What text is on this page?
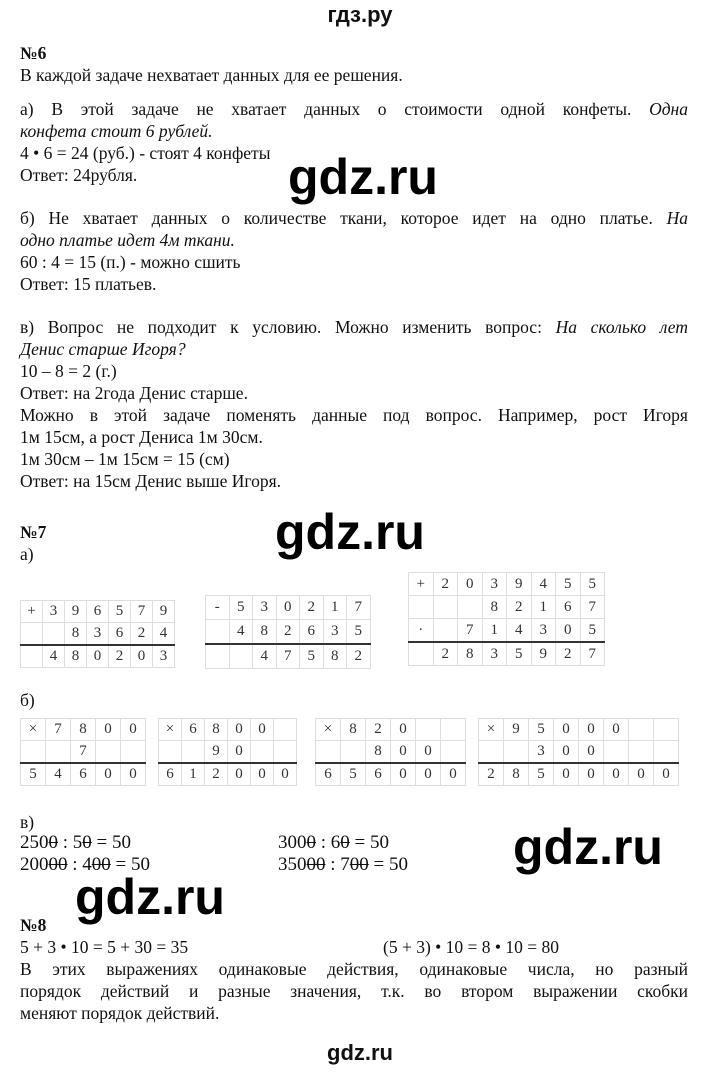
гдз.ру
№6
В каждой задаче нехватает данных для ее решения.
а) В этой задаче не хватает данных о стоимости одной конфеты. Одна
конфета стоит 6 рублей.
4 • 6 = 24 (руб.) - стоят 4 конфеты
Ответ: 24рубля.
б) Не хватает данных о количестве ткани, которое идет на одно платье. На
одно платье идет 4м ткани.
60 : 4 = 15 (п.) - можно сшить
Ответ: 15 платьев.
в) Вопрос не подходит к условию. Можно изменить вопрос: На сколько лет
Денис старше Игоря?
10 – 8 = 2 (г.)
Ответ: на 2года Денис старше.
Можно в этой задаче поменять данные под вопрос. Например, рост Игоря
1м 15см, а рост Дениса 1м 30см.
1м 30см – 1м 15см = 15 (см)
Ответ: на 15см Денис выше Игоря.
№7
а)
б)
в)
2500 : 50 = 50	3000 : 60 = 50
20000 : 400 = 50	35000 : 700 = 50
№8
5 + 3 • 10 = 5 + 30 = 35	(5 + 3) • 10 = 8 • 10 = 80
В этих выражениях одинаковые действия, одинаковые числа, но разный
порядок действий и разные значения, т.к. во втором выражении скобки
меняют порядок действий.
+	3	9	6	5	7	9
		8	3	6	2	4
	4	8	0	2	0	3
-	5	3	0	2	1	7
	4	8	2	6	3	5
		4	7	5	8	2
+	2	0	3	9	4	5	5
			8	2	1	6	7
·		7	1	4	3	0	5
	2	8	3	5	9	2	7
×	7	8	0	0
		7		
5	4	6	0	0
×	6	8	0	0	
		9	0		
6	1	2	0	0	0
×	8	2	0		
		8	0	0	
6	5	6	0	0	0
×	9	5	0	0	0		
		3	0	0			
2	8	5	0	0	0	0	0
gdz.ru
gdz.ru
gdz.ru
gdz.ru
gdz.ru
